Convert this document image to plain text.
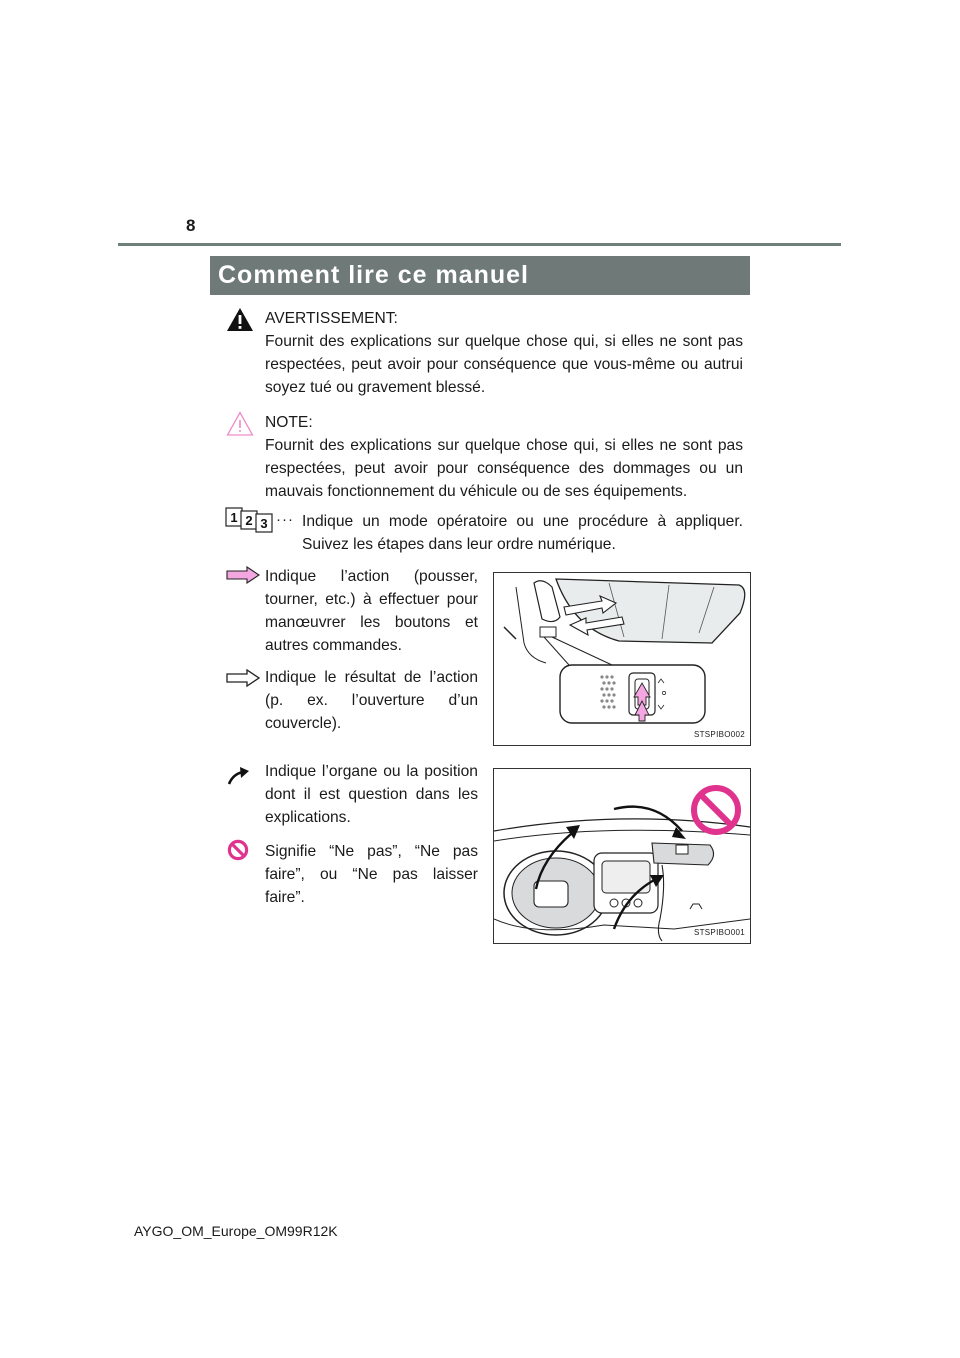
8
Comment lire ce manuel

AVERTISSEMENT:

Fournit des explications sur quelque chose qui, si elles ne sont pas respectées, peut avoir pour conséquence que vous-même ou autrui soyez tué ou gravement blessé.

NOTE:

Fournit des explications sur quelque chose qui, si elles ne sont pas respectées, peut avoir pour conséquence des dommages ou un mauvais fonctionnement du véhicule ou de ses équipements.

1 2 3 ··· Indique un mode opératoire ou une procédure à appliquer. Suivez les étapes dans leur ordre numérique.
Indique l’action (pousser, tourner, etc.) à effectuer pour manœuvrer les boutons et autres commandes.
Indique le résultat de l’action (p. ex. l’ouverture d’un couvercle).
STSPIBO002
Indique l’organe ou la position dont il est question dans les explications.
Signifie “Ne pas”, “Ne pas faire”, ou “Ne pas laisser faire”.
STSPIBO001
AYGO_OM_Europe_OM99R12K
